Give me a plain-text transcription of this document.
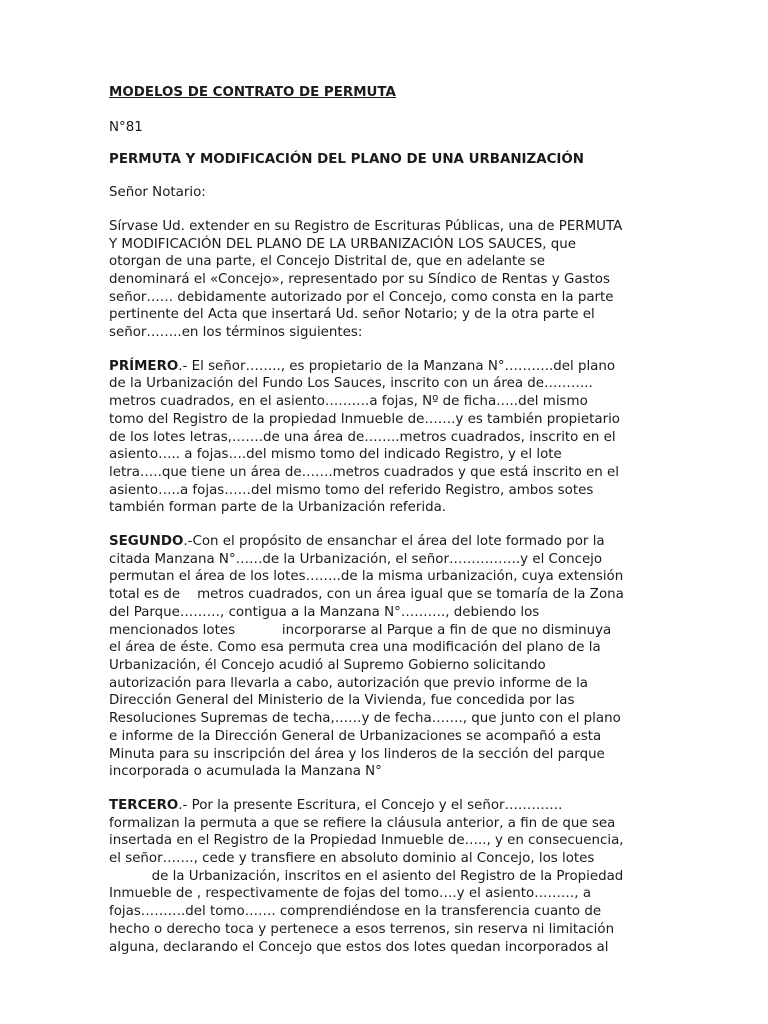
MODELOS DE CONTRATO DE PERMUTA

N°81

PERMUTA Y MODIFICACIÓN DEL PLANO DE UNA URBANIZACIÓN

Señor Notario:

Sírvase Ud. extender en su Registro de Escrituras Públicas, una de PERMUTA
Y MODIFICACIÓN DEL PLANO DE LA URBANIZACIÓN LOS SAUCES, que
otorgan de una parte, el Concejo Distrital de, que en adelante se
denominará el «Concejo», representado por su Síndico de Rentas y Gastos
señor…… debidamente autorizado por el Concejo, como consta en la parte
pertinente del Acta que insertará Ud. señor Notario; y de la otra parte el
señor……..en los términos siguientes:

PRÍMERO.- El señor…….., es propietario de la Manzana N°………..del plano
de la Urbanización del Fundo Los Sauces, inscrito con un área de………..
metros cuadrados, en el asiento……….a fojas, Nº de ficha…..del mismo
tomo del Registro de la propiedad Inmueble de…….y es también propietario
de los lotes letras,…….de una área de……..metros cuadrados, inscrito en el
asiento….. a fojas….del mismo tomo del indicado Registro, y el lote
letra…..que tiene un área de…….metros cuadrados y que está inscrito en el
asiento…..a fojas……del mismo tomo del referido Registro, ambos sotes
también forman parte de la Urbanización referida.

SEGUNDO.-Con el propósito de ensanchar el área del lote formado por la
citada Manzana N°……de la Urbanización, el señor…………….y el Concejo
permutan el área de los lotes……..de la misma urbanización, cuya extensión
total es de    metros cuadrados, con un área igual que se tomaría de la Zona
del Parque………, contigua a la Manzana N°………., debiendo los
mencionados lotes           incorporarse al Parque a fin de que no disminuya
el área de éste. Como esa permuta crea una modificación del plano de la
Urbanización, él Concejo acudió al Supremo Gobierno solicitando
autorización para llevarla a cabo, autorización que previo informe de la
Dirección General del Ministerio de la Vivienda, fue concedida por las
Resoluciones Supremas de techa,……y de fecha……., que junto con el plano
e informe de la Dirección General de Urbanizaciones se acompañó a esta
Minuta para su inscripción del área y los linderos de la sección del parque
incorporada o acumulada la Manzana N°

TERCERO.- Por la presente Escritura, el Concejo y el señor………….
formalizan la permuta a que se refiere la cláusula anterior, a fin de que sea
insertada en el Registro de la Propiedad Inmueble de….., y en consecuencia,
el señor……., cede y transfiere en absoluto dominio al Concejo, los lotes
de la Urbanización, inscritos en el asiento del Registro de la Propiedad
Inmueble de , respectivamente de fojas del tomo….y el asiento………, a
fojas……….del tomo……. comprendiéndose en la transferencia cuanto de
hecho o derecho toca y pertenece a esos terrenos, sin reserva ni limitación
alguna, declarando el Concejo que estos dos lotes quedan incorporados al
